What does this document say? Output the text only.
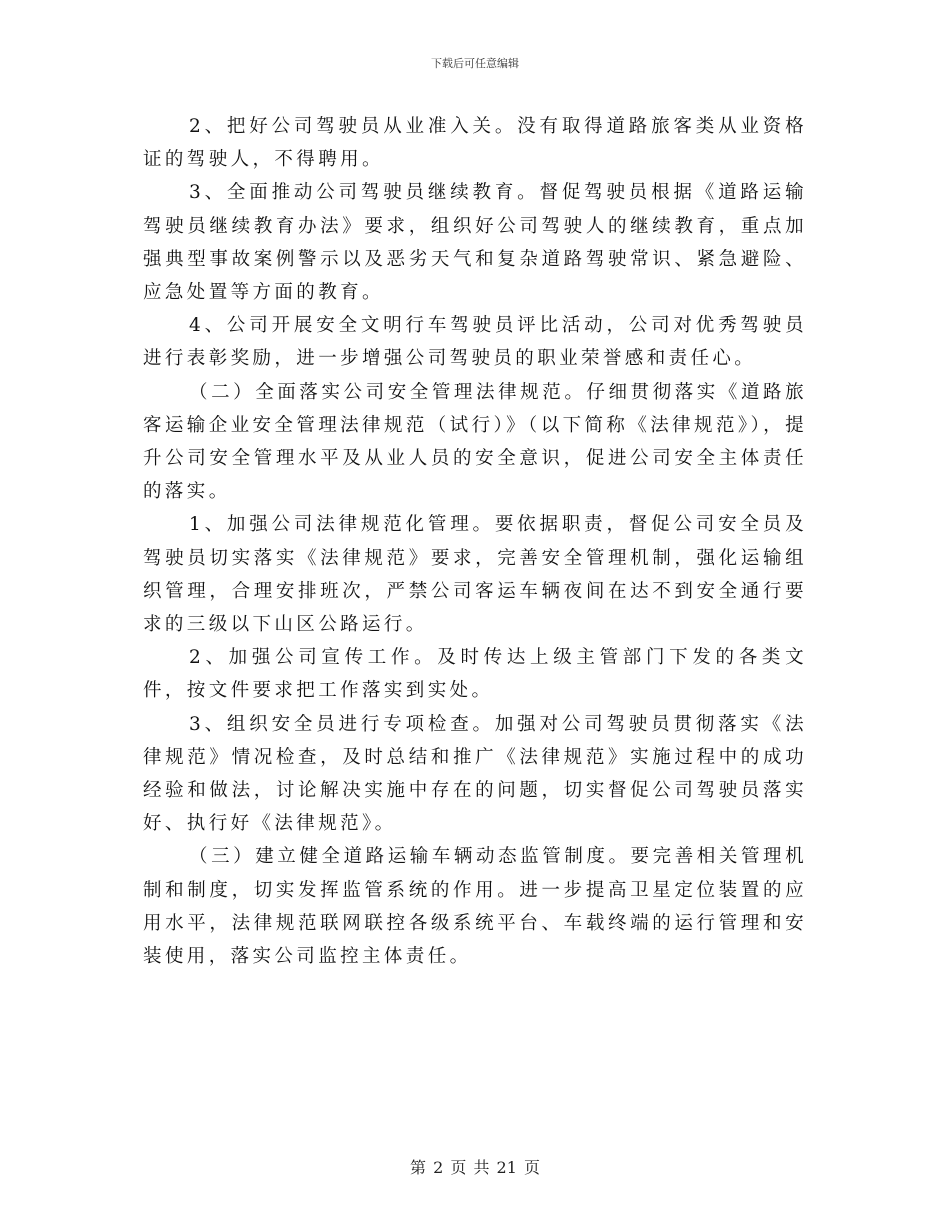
下载后可任意编辑

2、把好公司驾驶员从业准入关。没有取得道路旅客类从业资格证的驾驶人，不得聘用。

3、全面推动公司驾驶员继续教育。督促驾驶员根据《道路运输驾驶员继续教育办法》要求，组织好公司驾驶人的继续教育，重点加强典型事故案例警示以及恶劣天气和复杂道路驾驶常识、紧急避险、应急处置等方面的教育。

4、公司开展安全文明行车驾驶员评比活动，公司对优秀驾驶员进行表彰奖励，进一步增强公司驾驶员的职业荣誉感和责任心。

（二）全面落实公司安全管理法律规范。仔细贯彻落实《道路旅客运输企业安全管理法律规范（试行）》（以下简称《法律规范》），提升公司安全管理水平及从业人员的安全意识，促进公司安全主体责任的落实。

1、加强公司法律规范化管理。要依据职责，督促公司安全员及驾驶员切实落实《法律规范》要求，完善安全管理机制，强化运输组织管理，合理安排班次，严禁公司客运车辆夜间在达不到安全通行要求的三级以下山区公路运行。

2、加强公司宣传工作。及时传达上级主管部门下发的各类文件，按文件要求把工作落实到实处。

3、组织安全员进行专项检查。加强对公司驾驶员贯彻落实《法律规范》情况检查，及时总结和推广《法律规范》实施过程中的成功经验和做法，讨论解决实施中存在的问题，切实督促公司驾驶员落实好、执行好《法律规范》。

（三）建立健全道路运输车辆动态监管制度。要完善相关管理机制和制度，切实发挥监管系统的作用。进一步提高卫星定位装置的应用水平，法律规范联网联控各级系统平台、车载终端的运行管理和安装使用，落实公司监控主体责任。

第 2 页 共 21 页
